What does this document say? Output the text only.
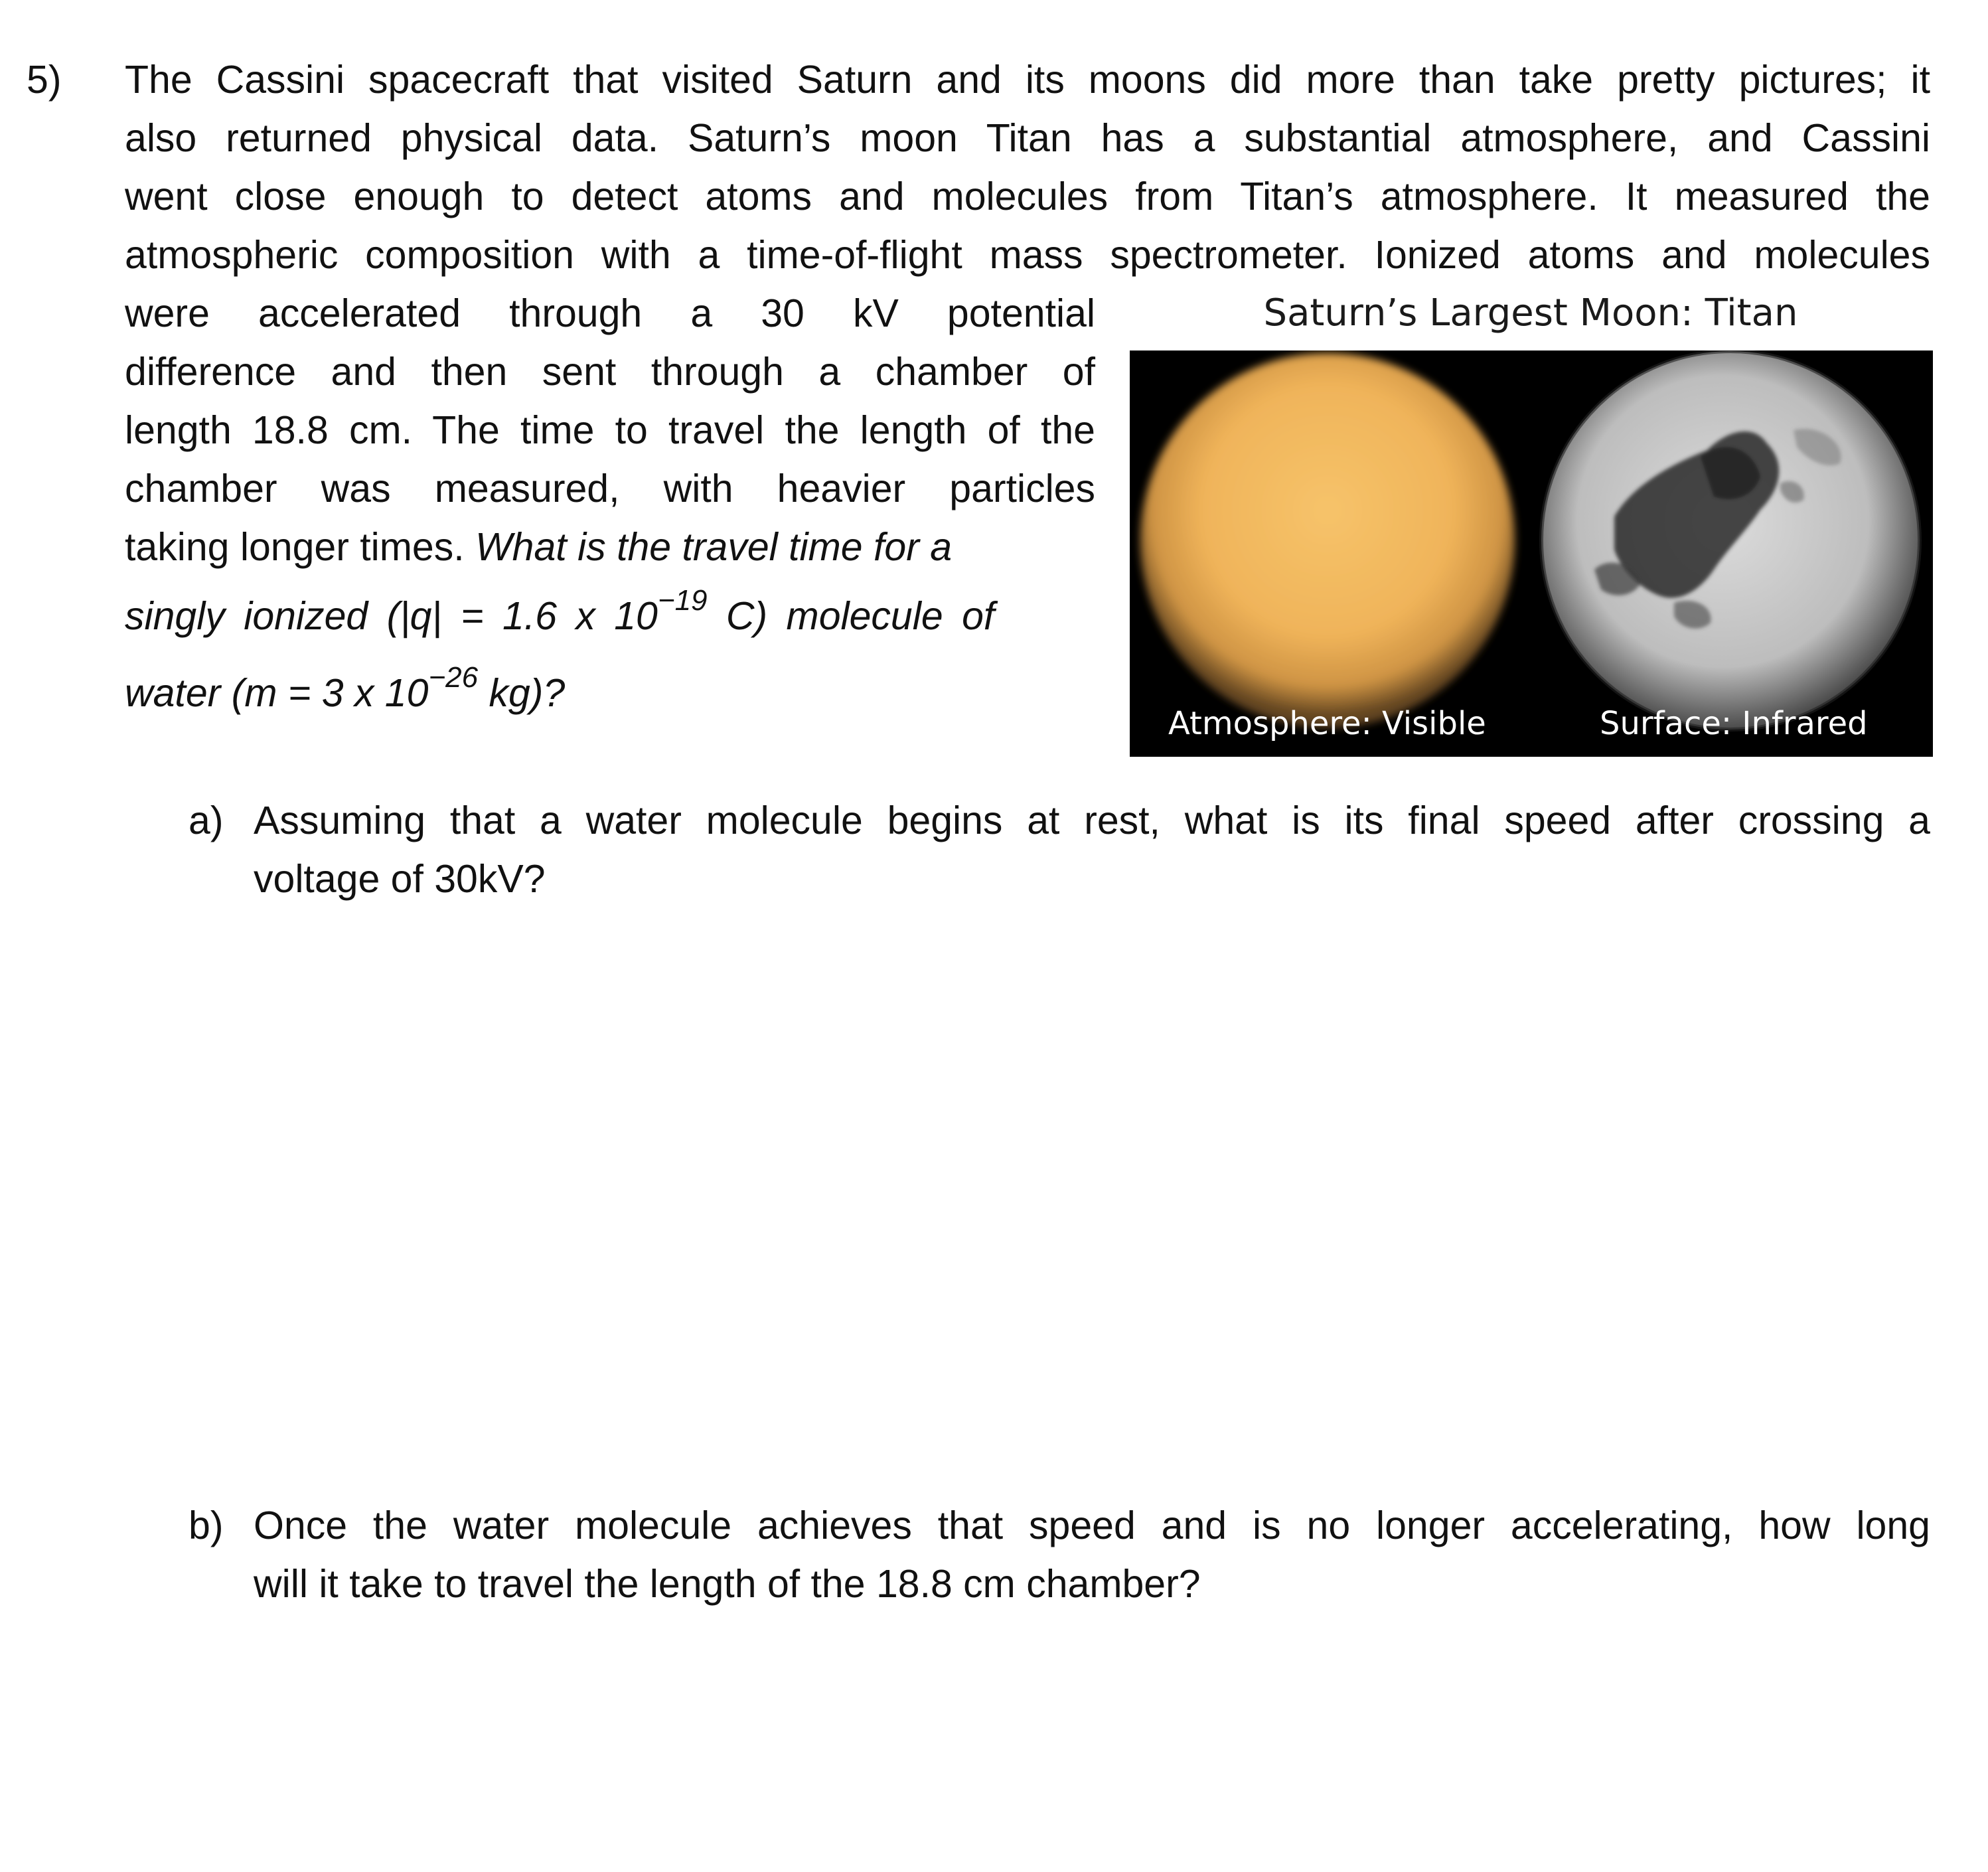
5) The Cassini spacecraft that visited Saturn and its moons did more than take pretty pictures; it
also returned physical data. Saturn’s moon Titan has a substantial atmosphere, and Cassini
went close enough to detect atoms and molecules from Titan’s atmosphere. It measured the
atmospheric composition with a time-of-flight mass spectrometer. Ionized atoms and molecules
were accelerated through a 30 kV potential
difference and then sent through a chamber of
length 18.8 cm. The time to travel the length of the
chamber was measured, with heavier particles
taking longer times. What is the travel time for a
singly ionized (|q| = 1.6 x $10^{-19}$ C) molecule of
water (m = 3 x $10^{-26}$ kg)?
Saturn’s Largest Moon: Titan
Atmosphere: Visible	Surface: Infrared
a) Assuming that a water molecule begins at rest, what is its final speed after crossing a
voltage of 30kV?
b) Once the water molecule achieves that speed and is no longer accelerating, how long
will it take to travel the length of the 18.8 cm chamber?
